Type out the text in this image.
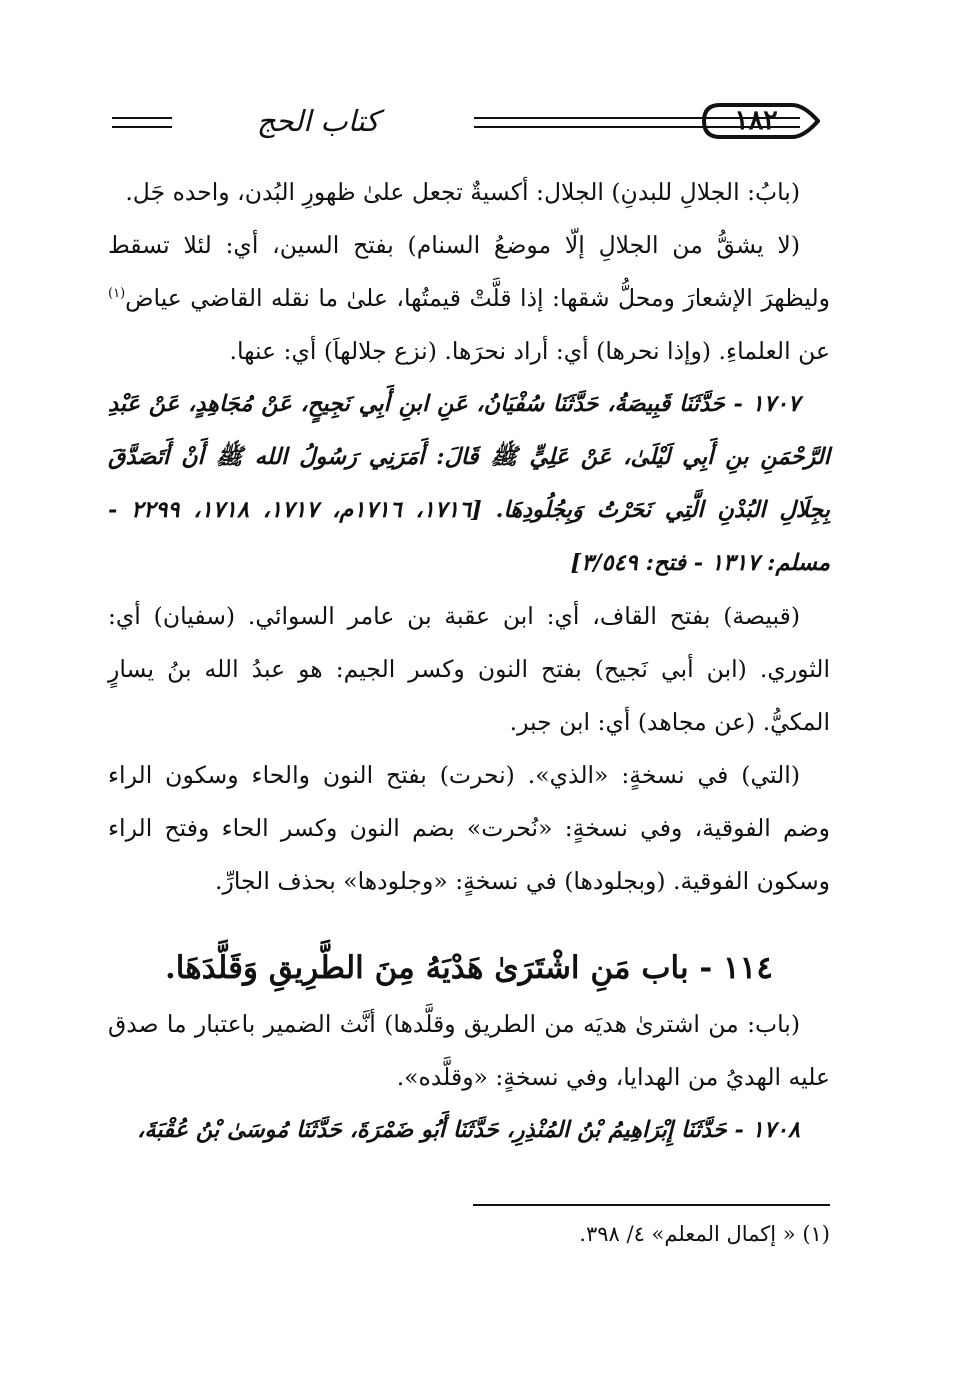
كتاب الحج	١٨٢

(بابُ: الجلالِ للبدنِ) الجلال: أكسيةٌ تجعل علىٰ ظهورِ البُدن، واحده جَل.

(لا يشقُّ من الجلالِ إلّا موضعُ السنام) بفتح السين، أي: لئلا تسقط وليظهرَ الإشعارَ ومحلُّ شقها: إذا قلَّتْ قيمتُها، علىٰ ما نقله القاضي عياض$^{(١)}$ عن العلماءِ. (وإذا نحرها) أي: أراد نحرَها. (نزع جلالهاَ) أي: عنها.

١٧٠٧ - حَدَّثَنَا قَبِيصَةُ، حَدَّثَنَا سُفْيَانُ، عَنِ ابنِ أَبِي نَجِيحٍ، عَنْ مُجَاهِدٍ، عَنْ عَبْدِ الرَّحْمَنِ بنِ أَبِي لَيْلَىٰ، عَنْ عَلِيٍّ ﷺ قَالَ: أَمَرَنِي رَسُولُ الله ﷺ أَنْ أَتَصَدَّقَ بِجِلَالِ البُدْنِ الَّتِي نَحَرْتُ وَبِجُلُودِهَا. [١٧١٦، ١٧١٦م، ١٧١٧، ١٧١٨، ٢٢٩٩ - مسلم: ١٣١٧ - فتح: ٣/٥٤٩]

(قبيصة) بفتح القاف، أي: ابن عقبة بن عامر السوائي. (سفيان) أي: الثوري. (ابن أبي نَجيح) بفتح النون وكسر الجيم: هو عبدُ الله بنُ يسارٍ المكيُّ. (عن مجاهد) أي: ابن جبر.

(التي) في نسخةٍ: «الذي». (نحرت) بفتح النون والحاء وسكون الراء وضم الفوقية، وفي نسخةٍ: «نُحرت» بضم النون وكسر الحاء وفتح الراء وسكون الفوقية. (وبجلودها) في نسخةٍ: «وجلودها» بحذف الجارِّ.

١١٤ - باب مَنِ اشْتَرَىٰ هَدْيَهُ مِنَ الطَّرِيقِ وَقَلَّدَهَا.

(باب: من اشترىٰ هديَه من الطريق وقلَّدها) أنَّث الضمير باعتبار ما صدق عليه الهديُ من الهدايا، وفي نسخةٍ: «وقلَّده».

١٧٠٨ - حَدَّثَنَا إِبْرَاهِيمُ بْنُ المُنْذِرِ، حَدَّثَنَا أَبُو ضَمْرَةَ، حَدَّثَنَا مُوسَىٰ بْنُ عُقْبَةَ،

(١) « إكمال المعلم» ٤/ ٣٩٨.
